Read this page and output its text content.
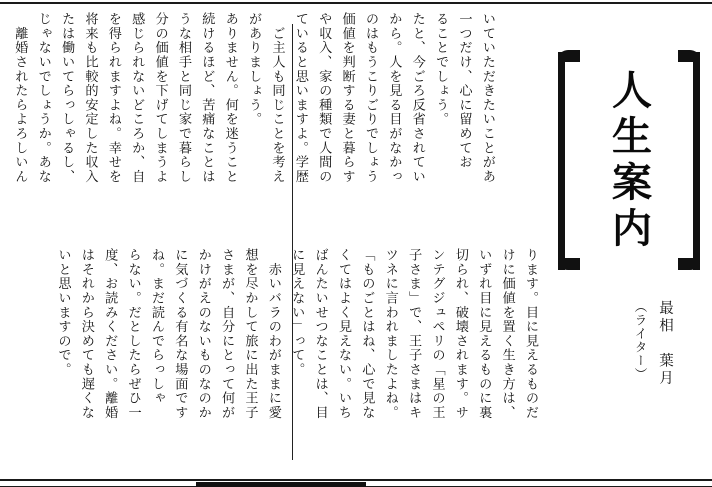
いていただきたいことがあ
一つだけ、心に留めてお
ることでしょう。
たと、今ごろ反省されてい
から。人を見る目がなかっ
のはもうこりごりでしょう
価値を判断する妻と暮らす
や収入、家の種類で人間の
ていると思いますよ。学歴
　ご主人も同じことを考え
がありましょう。
ありません。何を迷うこと
続けるほど、苦痛なことは
うな相手と同じ家で暮らし
分の価値を下げてしまうよ
感じられないどころか、自
を得られますよね。幸せを
将来も比較的安定した収入
たは働いてらっしゃるし、
じゃないでしょうか。あな
　離婚されたらよろしいん
ります。目に見えるものだ
けに価値を置く生き方は、
いずれ目に見えるものに裏
切られ、破壊されます。サ
ンテグジュペリの「星の王
子さま」で、王子さまはキ
ツネに言われましたよね。
「ものごとはね、心で見な
くてはよく見えない。いち
ばんたいせつなことは、目
に見えない」って。
　赤いバラのわがままに愛
想を尽かして旅に出た王子
さまが、自分にとって何が
かけがえのないものなのか
に気づくる有名な場面です
ね。まだ読んでらっしゃ
らない。だとしたらぜひ一
度、お読みください。離婚
はそれから決めても遅くな
いと思いますので。
人生案内
最相　葉月
（ライター）
